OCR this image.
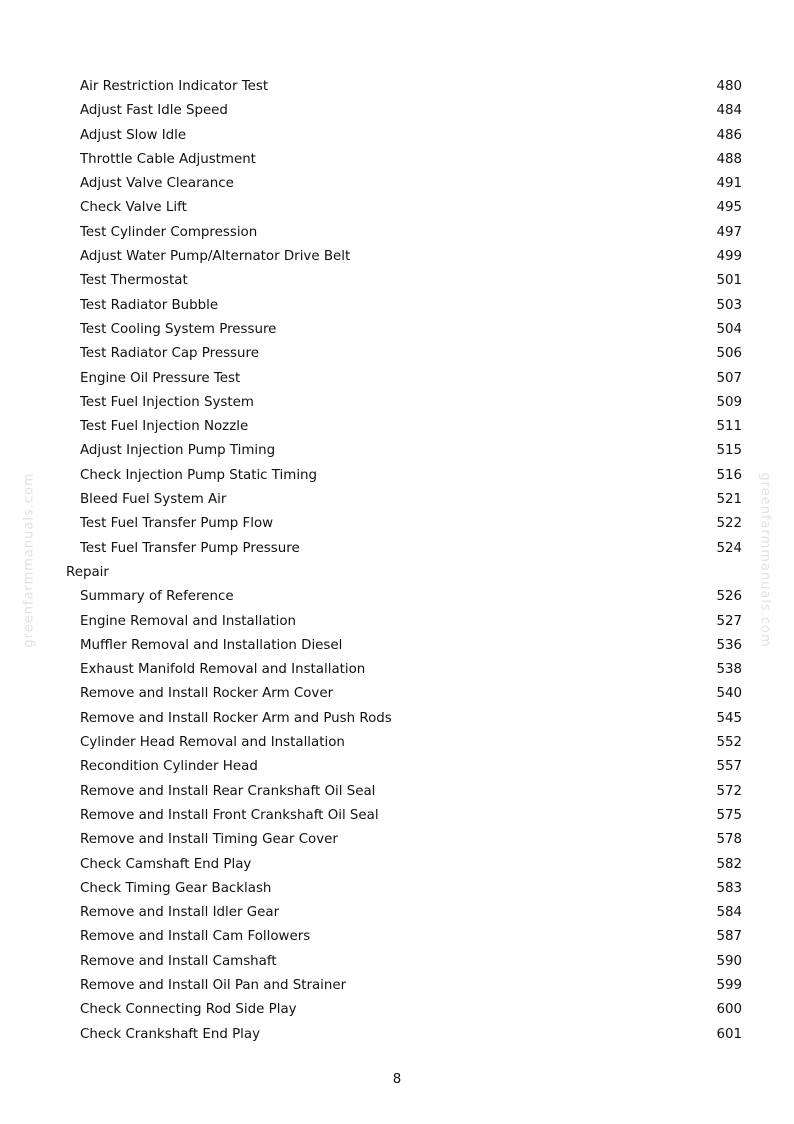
Air Restriction Indicator Test	480
Adjust Fast Idle Speed	484
Adjust Slow Idle	486
Throttle Cable Adjustment	488
Adjust Valve Clearance	491
Check Valve Lift	495
Test Cylinder Compression	497
Adjust Water Pump/Alternator Drive Belt	499
Test Thermostat	501
Test Radiator Bubble	503
Test Cooling System Pressure	504
Test Radiator Cap Pressure	506
Engine Oil Pressure Test	507
Test Fuel Injection System	509
Test Fuel Injection Nozzle	511
Adjust Injection Pump Timing	515
Check Injection Pump Static Timing	516
Bleed Fuel System Air	521
Test Fuel Transfer Pump Flow	522
Test Fuel Transfer Pump Pressure	524
Repair
Summary of Reference	526
Engine Removal and Installation	527
Muffler Removal and Installation Diesel	536
Exhaust Manifold Removal and Installation	538
Remove and Install Rocker Arm Cover	540
Remove and Install Rocker Arm and Push Rods	545
Cylinder Head Removal and Installation	552
Recondition Cylinder Head	557
Remove and Install Rear Crankshaft Oil Seal	572
Remove and Install Front Crankshaft Oil Seal	575
Remove and Install Timing Gear Cover	578
Check Camshaft End Play	582
Check Timing Gear Backlash	583
Remove and Install Idler Gear	584
Remove and Install Cam Followers	587
Remove and Install Camshaft	590
Remove and Install Oil Pan and Strainer	599
Check Connecting Rod Side Play	600
Check Crankshaft End Play	601
greenfarmmanuals.com	greenfarmmanuals.com
8
